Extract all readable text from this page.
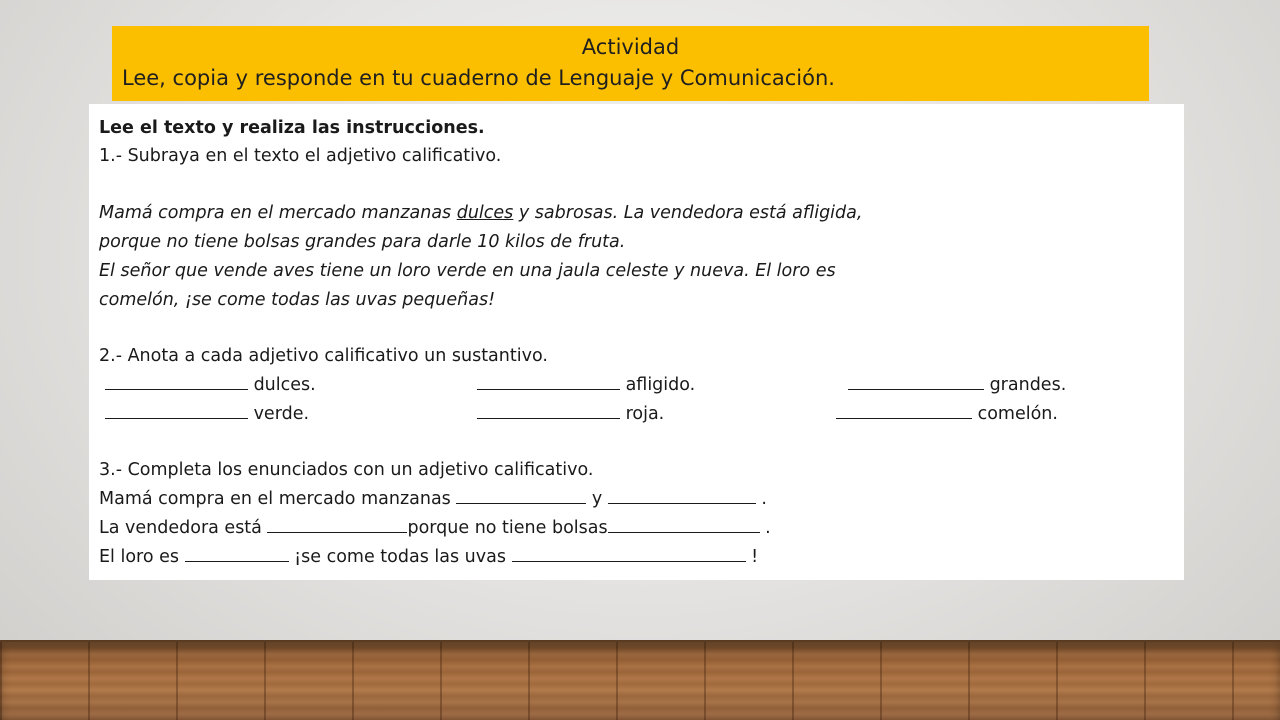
Actividad
Lee, copia y responde en tu cuaderno de Lenguaje y Comunicación.
Lee el texto y realiza las instrucciones.
1.- Subraya en el texto el adjetivo calificativo.
Mamá compra en el mercado manzanas dulces y sabrosas. La vendedora está afligida,
porque no tiene bolsas grandes para darle 10 kilos de fruta.
El señor que vende aves tiene un loro verde en una jaula celeste y nueva. El loro es
comelón, ¡se come todas las uvas pequeñas!
2.- Anota a cada adjetivo calificativo un sustantivo.
dulces.	afligido.	grandes.
verde.	roja.	comelón.
3.- Completa los enunciados con un adjetivo calificativo.
Mamá compra en el mercado manzanas	y	.
La vendedora está	porque no tiene bolsas	.
El loro es	¡se come todas las uvas	!
